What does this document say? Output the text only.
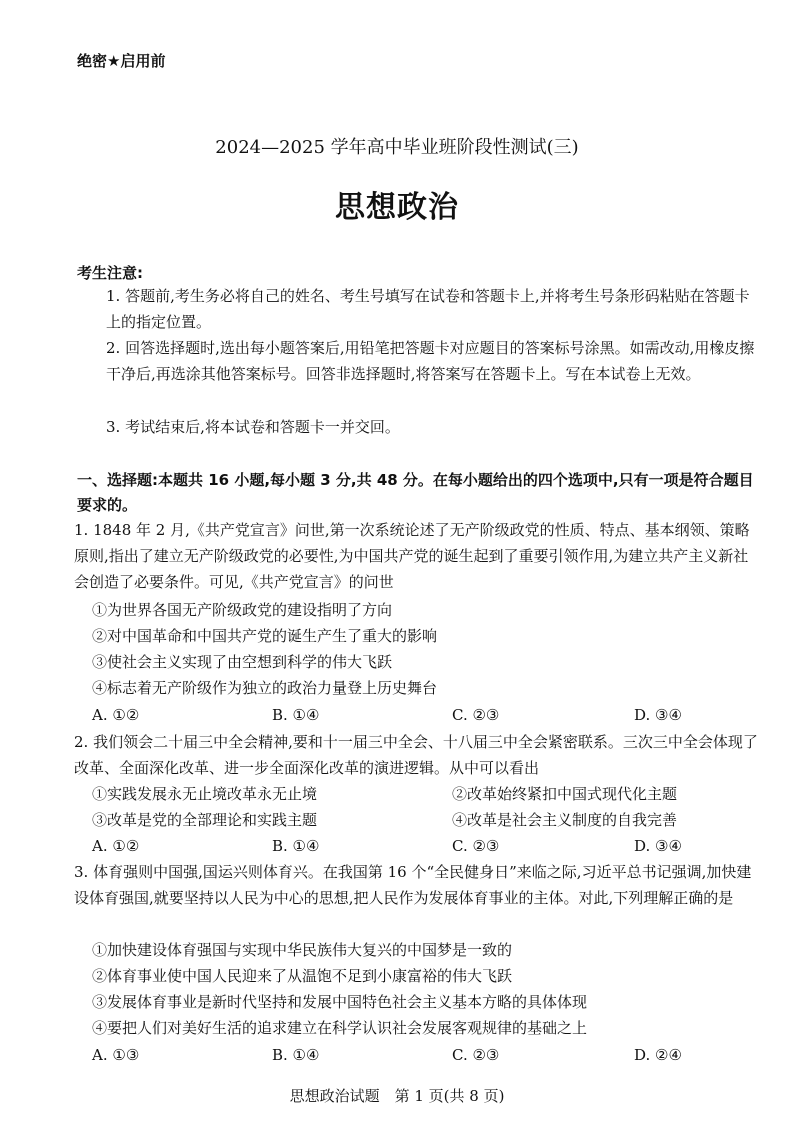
绝密★启用前
2024—2025 学年高中毕业班阶段性测试(三)
思想政治
考生注意:
1. 答题前,考生务必将自己的姓名、考生号填写在试卷和答题卡上,并将考生号条形码粘贴在答题卡上的指定位置。
2. 回答选择题时,选出每小题答案后,用铅笔把答题卡对应题目的答案标号涂黑。如需改动,用橡皮擦干净后,再选涂其他答案标号。回答非选择题时,将答案写在答题卡上。写在本试卷上无效。
3. 考试结束后,将本试卷和答题卡一并交回。
一、选择题:本题共 16 小题,每小题 3 分,共 48 分。在每小题给出的四个选项中,只有一项是符合题目要求的。
1. 1848 年 2 月,《共产党宣言》问世,第一次系统论述了无产阶级政党的性质、特点、基本纲领、策略原则,指出了建立无产阶级政党的必要性,为中国共产党的诞生起到了重要引领作用,为建立共产主义新社会创造了必要条件。可见,《共产党宣言》的问世
①为世界各国无产阶级政党的建设指明了方向
②对中国革命和中国共产党的诞生产生了重大的影响
③使社会主义实现了由空想到科学的伟大飞跃
④标志着无产阶级作为独立的政治力量登上历史舞台
A. ①②	B. ①④	C. ②③	D. ③④
2. 我们领会二十届三中全会精神,要和十一届三中全会、十八届三中全会紧密联系。三次三中全会体现了改革、全面深化改革、进一步全面深化改革的演进逻辑。从中可以看出
①实践发展永无止境改革永无止境	②改革始终紧扣中国式现代化主题
③改革是党的全部理论和实践主题	④改革是社会主义制度的自我完善
A. ①②	B. ①④	C. ②③	D. ③④
3. 体育强则中国强,国运兴则体育兴。在我国第 16 个“全民健身日”来临之际,习近平总书记强调,加快建设体育强国,就要坚持以人民为中心的思想,把人民作为发展体育事业的主体。对此,下列理解正确的是
①加快建设体育强国与实现中华民族伟大复兴的中国梦是一致的
②体育事业使中国人民迎来了从温饱不足到小康富裕的伟大飞跃
③发展体育事业是新时代坚持和发展中国特色社会主义基本方略的具体体现
④要把人们对美好生活的追求建立在科学认识社会发展客观规律的基础之上
A. ①③	B. ①④	C. ②③	D. ②④
思想政治试题　第 1 页(共 8 页)
